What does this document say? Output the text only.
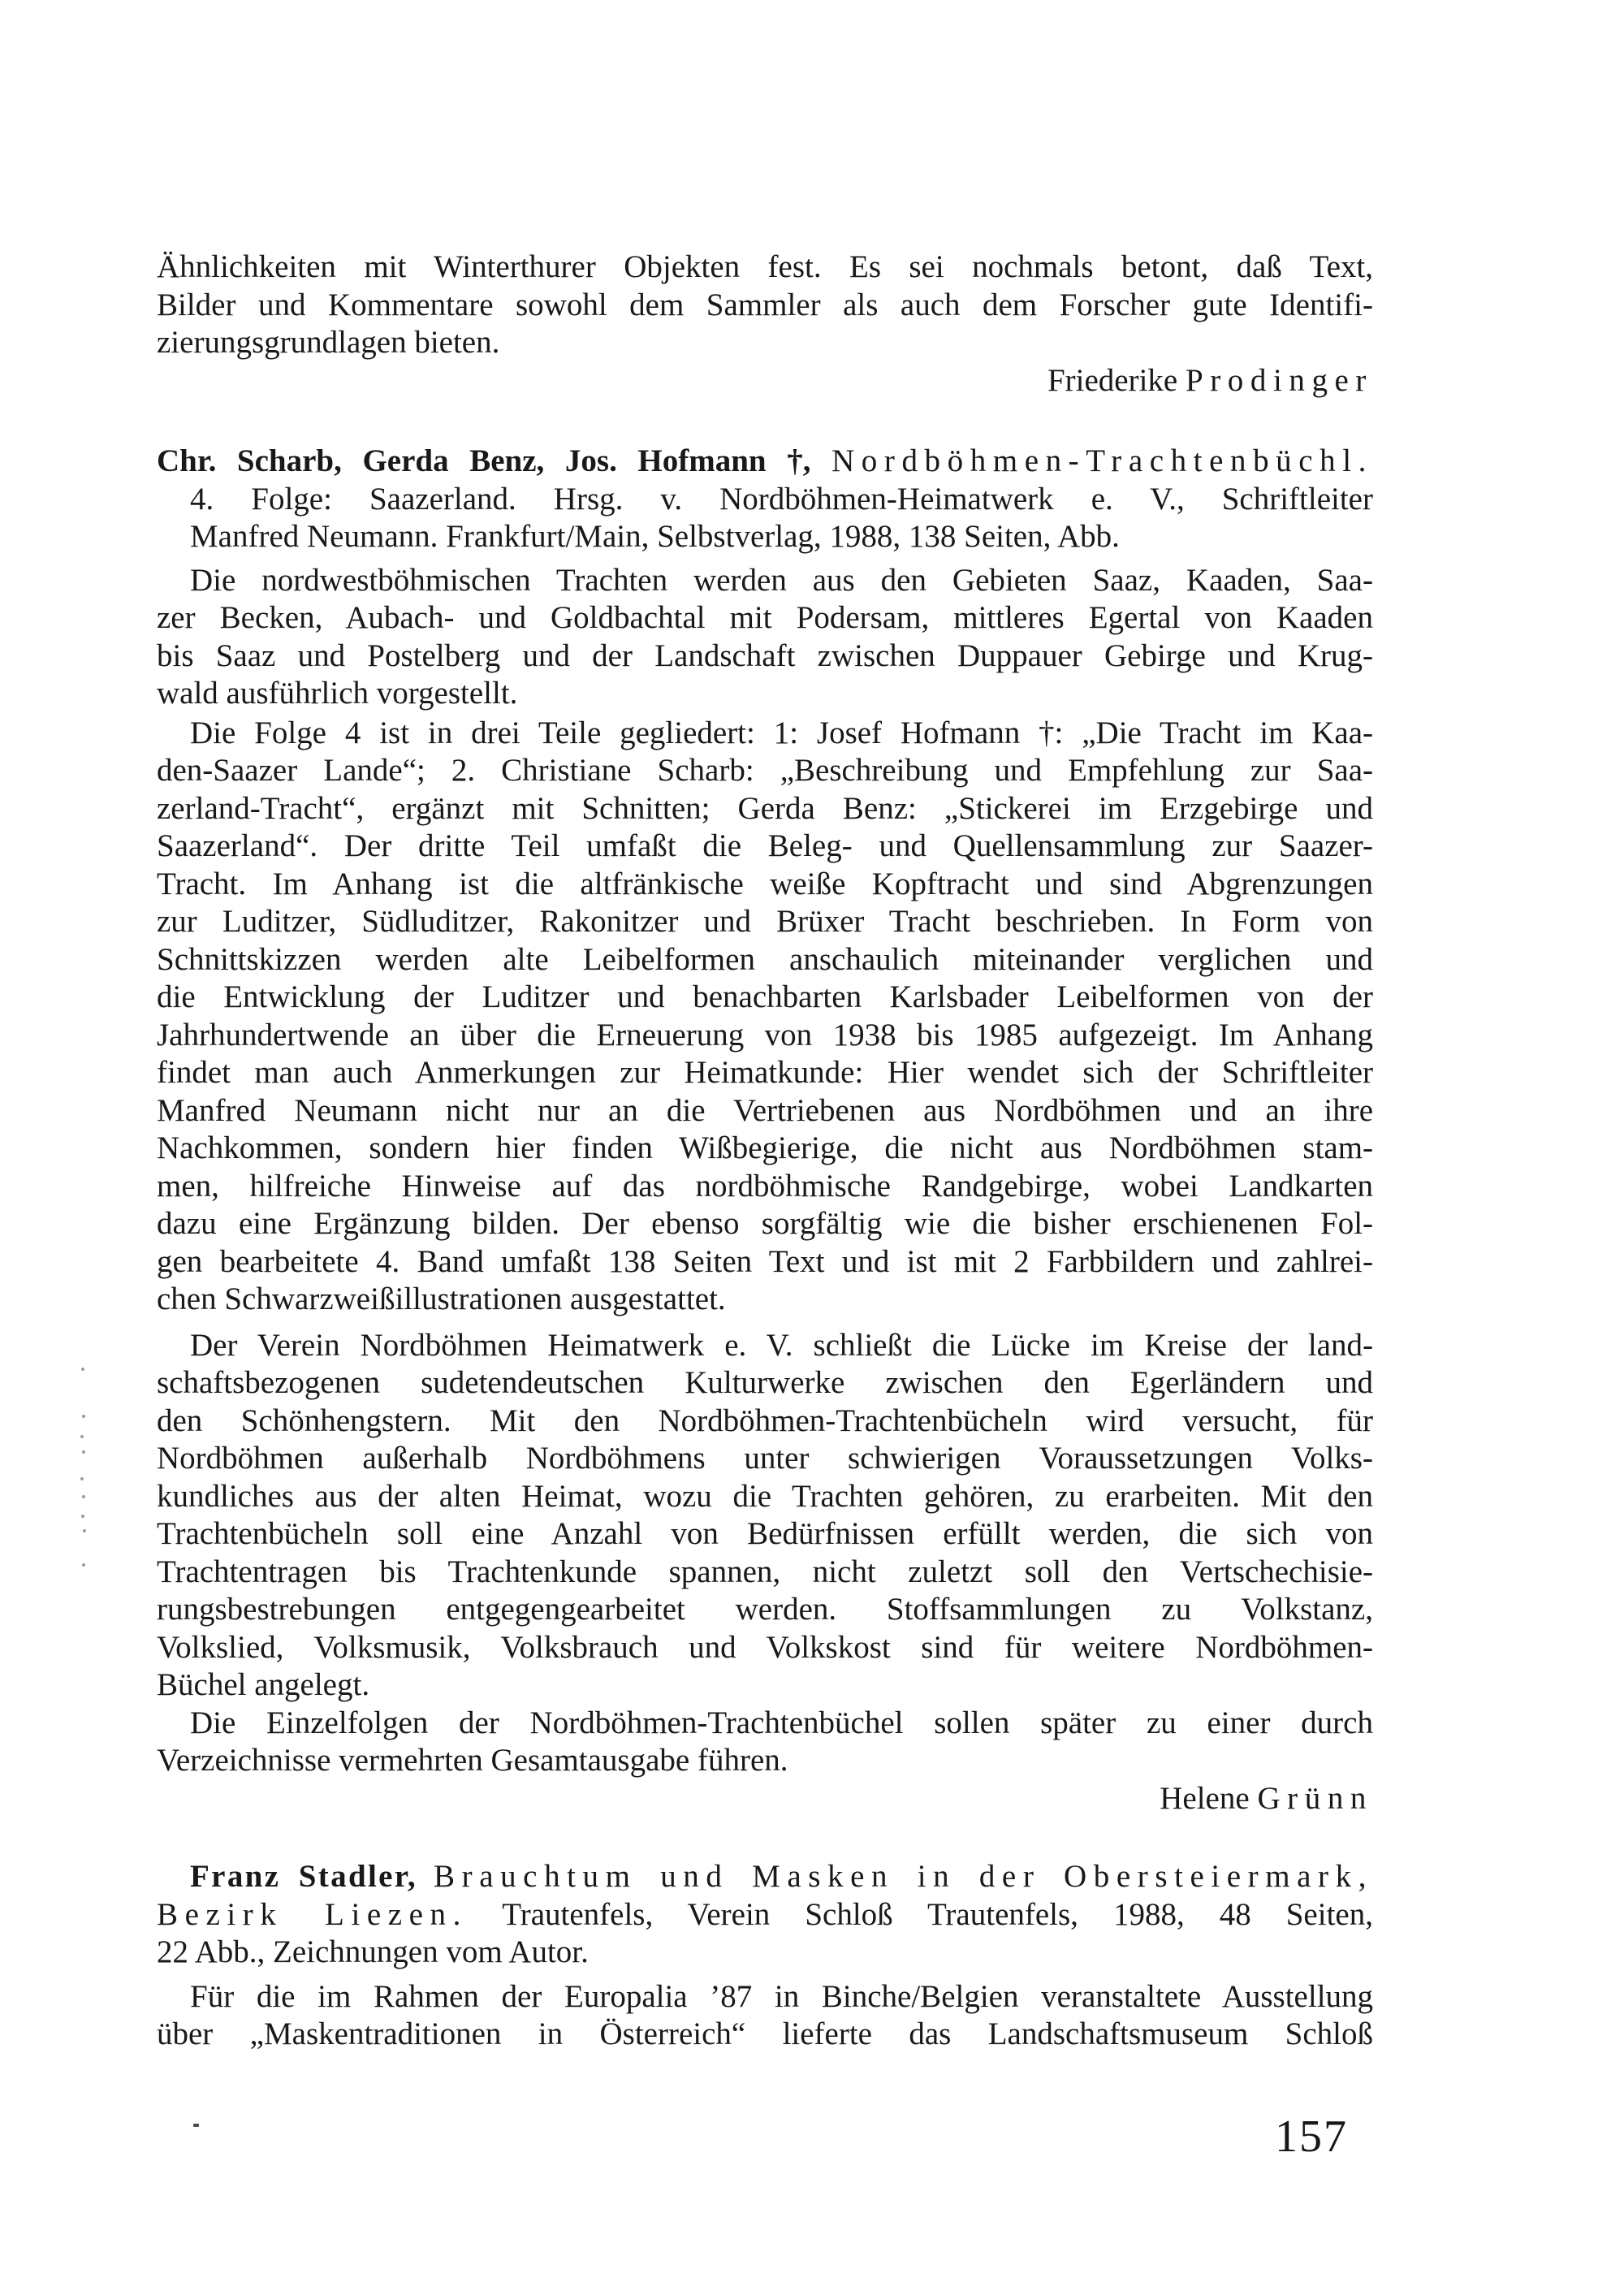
Ähnlichkeiten mit Winterthurer Objekten fest. Es sei nochmals betont, daß Text,
Bilder und Kommentare sowohl dem Sammler als auch dem Forscher gute Identifi-
zierungsgrundlagen bieten.
Friederike Prodinger
Chr. Scharb, Gerda Benz, Jos. Hofmann †, Nordböhmen-Trachtenbüchl.
4. Folge: Saazerland. Hrsg. v. Nordböhmen-Heimatwerk e. V., Schriftleiter
Manfred Neumann. Frankfurt/Main, Selbstverlag, 1988, 138 Seiten, Abb.
Die nordwestböhmischen Trachten werden aus den Gebieten Saaz, Kaaden, Saa-
zer Becken, Aubach- und Goldbachtal mit Podersam, mittleres Egertal von Kaaden
bis Saaz und Postelberg und der Landschaft zwischen Duppauer Gebirge und Krug-
wald ausführlich vorgestellt.
Die Folge 4 ist in drei Teile gegliedert: 1: Josef Hofmann †: „Die Tracht im Kaa-
den-Saazer Lande“; 2. Christiane Scharb: „Beschreibung und Empfehlung zur Saa-
zerland-Tracht“, ergänzt mit Schnitten; Gerda Benz: „Stickerei im Erzgebirge und
Saazerland“. Der dritte Teil umfaßt die Beleg- und Quellensammlung zur Saazer-
Tracht. Im Anhang ist die altfränkische weiße Kopftracht und sind Abgrenzungen
zur Luditzer, Südluditzer, Rakonitzer und Brüxer Tracht beschrieben. In Form von
Schnittskizzen werden alte Leibelformen anschaulich miteinander verglichen und
die Entwicklung der Luditzer und benachbarten Karlsbader Leibelformen von der
Jahrhundertwende an über die Erneuerung von 1938 bis 1985 aufgezeigt. Im Anhang
findet man auch Anmerkungen zur Heimatkunde: Hier wendet sich der Schriftleiter
Manfred Neumann nicht nur an die Vertriebenen aus Nordböhmen und an ihre
Nachkommen, sondern hier finden Wißbegierige, die nicht aus Nordböhmen stam-
men, hilfreiche Hinweise auf das nordböhmische Randgebirge, wobei Landkarten
dazu eine Ergänzung bilden. Der ebenso sorgfältig wie die bisher erschienenen Fol-
gen bearbeitete 4. Band umfaßt 138 Seiten Text und ist mit 2 Farbbildern und zahlrei-
chen Schwarzweißillustrationen ausgestattet.
Der Verein Nordböhmen Heimatwerk e. V. schließt die Lücke im Kreise der land-
schaftsbezogenen sudetendeutschen Kulturwerke zwischen den Egerländern und
den Schönhengstern. Mit den Nordböhmen-Trachtenbücheln wird versucht, für
Nordböhmen außerhalb Nordböhmens unter schwierigen Voraussetzungen Volks-
kundliches aus der alten Heimat, wozu die Trachten gehören, zu erarbeiten. Mit den
Trachtenbücheln soll eine Anzahl von Bedürfnissen erfüllt werden, die sich von
Trachtentragen bis Trachtenkunde spannen, nicht zuletzt soll den Vertschechisie-
rungsbestrebungen entgegengearbeitet werden. Stoffsammlungen zu Volkstanz,
Volkslied, Volksmusik, Volksbrauch und Volkskost sind für weitere Nordböhmen-
Büchel angelegt.
Die Einzelfolgen der Nordböhmen-Trachtenbüchel sollen später zu einer durch
Verzeichnisse vermehrten Gesamtausgabe führen.
Helene Grünn
Franz Stadler, Brauchtum und Masken in der Obersteiermark,
Bezirk Liezen. Trautenfels, Verein Schloß Trautenfels, 1988, 48 Seiten,
22 Abb., Zeichnungen vom Autor.
Für die im Rahmen der Europalia ’87 in Binche/Belgien veranstaltete Ausstellung
über „Maskentraditionen in Österreich“ lieferte das Landschaftsmuseum Schloß
157
